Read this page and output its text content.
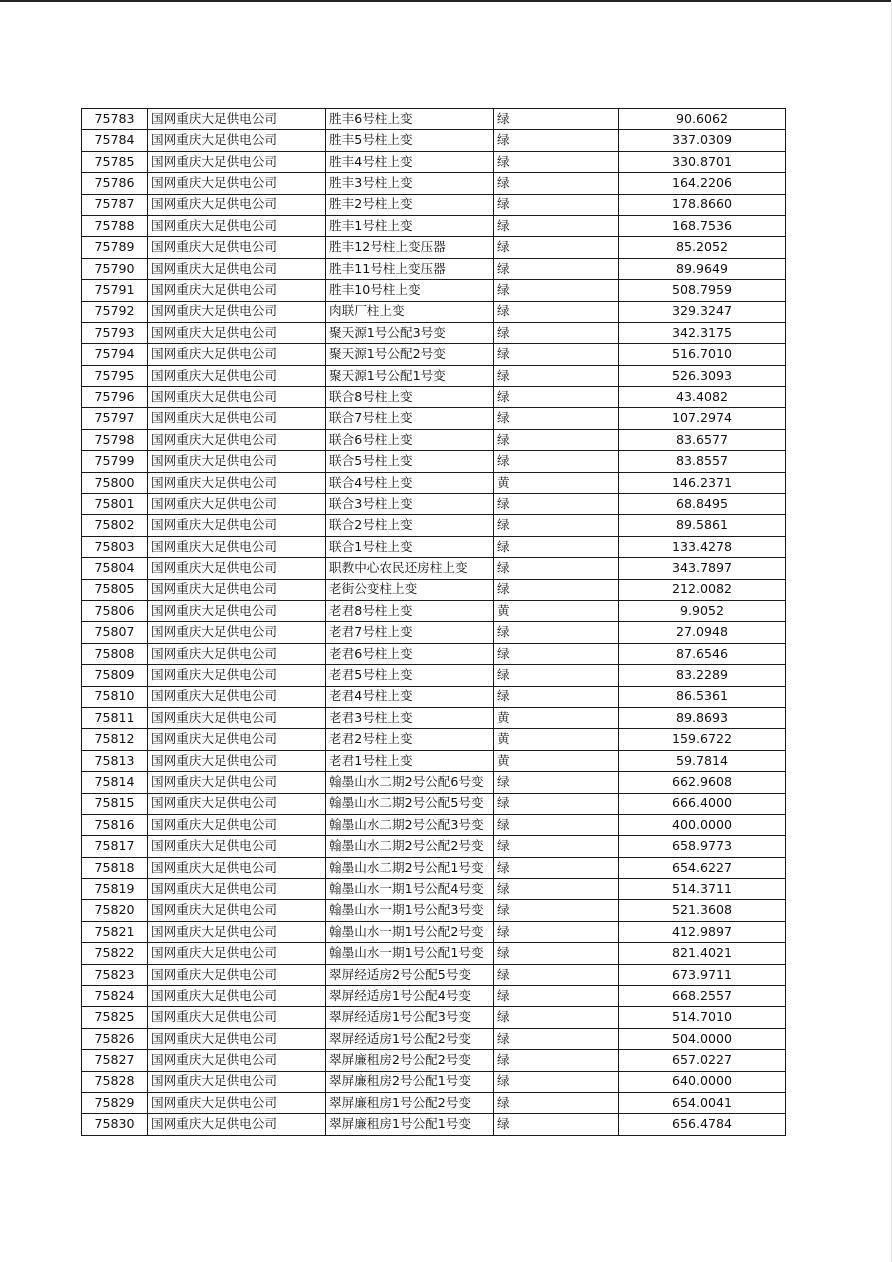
75783	国网重庆大足供电公司	胜丰6号柱上变	绿	90.6062
75784	国网重庆大足供电公司	胜丰5号柱上变	绿	337.0309
75785	国网重庆大足供电公司	胜丰4号柱上变	绿	330.8701
75786	国网重庆大足供电公司	胜丰3号柱上变	绿	164.2206
75787	国网重庆大足供电公司	胜丰2号柱上变	绿	178.8660
75788	国网重庆大足供电公司	胜丰1号柱上变	绿	168.7536
75789	国网重庆大足供电公司	胜丰12号柱上变压器	绿	85.2052
75790	国网重庆大足供电公司	胜丰11号柱上变压器	绿	89.9649
75791	国网重庆大足供电公司	胜丰10号柱上变	绿	508.7959
75792	国网重庆大足供电公司	肉联厂柱上变	绿	329.3247
75793	国网重庆大足供电公司	聚天源1号公配3号变	绿	342.3175
75794	国网重庆大足供电公司	聚天源1号公配2号变	绿	516.7010
75795	国网重庆大足供电公司	聚天源1号公配1号变	绿	526.3093
75796	国网重庆大足供电公司	联合8号柱上变	绿	43.4082
75797	国网重庆大足供电公司	联合7号柱上变	绿	107.2974
75798	国网重庆大足供电公司	联合6号柱上变	绿	83.6577
75799	国网重庆大足供电公司	联合5号柱上变	绿	83.8557
75800	国网重庆大足供电公司	联合4号柱上变	黄	146.2371
75801	国网重庆大足供电公司	联合3号柱上变	绿	68.8495
75802	国网重庆大足供电公司	联合2号柱上变	绿	89.5861
75803	国网重庆大足供电公司	联合1号柱上变	绿	133.4278
75804	国网重庆大足供电公司	职教中心农民还房柱上变	绿	343.7897
75805	国网重庆大足供电公司	老街公变柱上变	绿	212.0082
75806	国网重庆大足供电公司	老君8号柱上变	黄	9.9052
75807	国网重庆大足供电公司	老君7号柱上变	绿	27.0948
75808	国网重庆大足供电公司	老君6号柱上变	绿	87.6546
75809	国网重庆大足供电公司	老君5号柱上变	绿	83.2289
75810	国网重庆大足供电公司	老君4号柱上变	绿	86.5361
75811	国网重庆大足供电公司	老君3号柱上变	黄	89.8693
75812	国网重庆大足供电公司	老君2号柱上变	黄	159.6722
75813	国网重庆大足供电公司	老君1号柱上变	黄	59.7814
75814	国网重庆大足供电公司	翰墨山水二期2号公配6号变	绿	662.9608
75815	国网重庆大足供电公司	翰墨山水二期2号公配5号变	绿	666.4000
75816	国网重庆大足供电公司	翰墨山水二期2号公配3号变	绿	400.0000
75817	国网重庆大足供电公司	翰墨山水二期2号公配2号变	绿	658.9773
75818	国网重庆大足供电公司	翰墨山水二期2号公配1号变	绿	654.6227
75819	国网重庆大足供电公司	翰墨山水一期1号公配4号变	绿	514.3711
75820	国网重庆大足供电公司	翰墨山水一期1号公配3号变	绿	521.3608
75821	国网重庆大足供电公司	翰墨山水一期1号公配2号变	绿	412.9897
75822	国网重庆大足供电公司	翰墨山水一期1号公配1号变	绿	821.4021
75823	国网重庆大足供电公司	翠屏经适房2号公配5号变	绿	673.9711
75824	国网重庆大足供电公司	翠屏经适房1号公配4号变	绿	668.2557
75825	国网重庆大足供电公司	翠屏经适房1号公配3号变	绿	514.7010
75826	国网重庆大足供电公司	翠屏经适房1号公配2号变	绿	504.0000
75827	国网重庆大足供电公司	翠屏廉租房2号公配2号变	绿	657.0227
75828	国网重庆大足供电公司	翠屏廉租房2号公配1号变	绿	640.0000
75829	国网重庆大足供电公司	翠屏廉租房1号公配2号变	绿	654.0041
75830	国网重庆大足供电公司	翠屏廉租房1号公配1号变	绿	656.4784
